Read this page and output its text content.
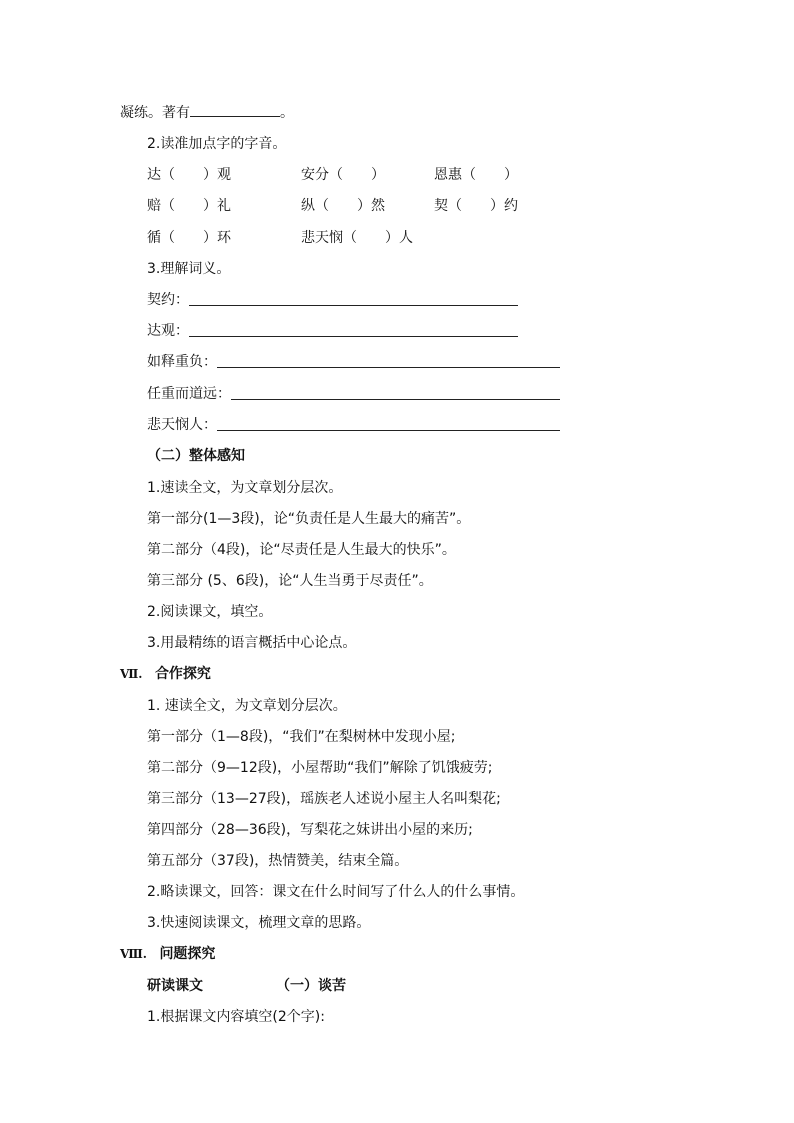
凝练。著有	。
2.读准加点字的字音。
达（　　）观	安分（　　）	恩惠（　　）
赔（　　）礼	纵（　　）然	契（　　）约
循（　　）环	悲天悯（　　）人
3.理解词义。
契约：
达观：
如释重负：
任重而道远：
悲天悯人：
（二）整体感知
1.速读全文，为文章划分层次。
第一部分(1—3段)，论“负责任是人生最大的痛苦”。
第二部分（4段)，论“尽责任是人生最大的快乐”。
第三部分 (5、6段)，论“人生当勇于尽责任”。
2.阅读课文，填空。
3.用最精练的语言概括中心论点。
Ⅶ. 合作探究
1. 速读全文，为文章划分层次。
第一部分（1—8段)，“我们”在梨树林中发现小屋;
第二部分（9—12段)，小屋帮助“我们”解除了饥饿疲劳;
第三部分（13—27段)，瑶族老人述说小屋主人名叫梨花;
第四部分（28—36段)，写梨花之妹讲出小屋的来历;
第五部分（37段)，热情赞美，结束全篇。
2.略读课文，回答：课文在什么时间写了什么人的什么事情。
3.快速阅读课文，梳理文章的思路。
Ⅷ. 问题探究
研读课文	（一）谈苦
1.根据课文内容填空(2个字):
